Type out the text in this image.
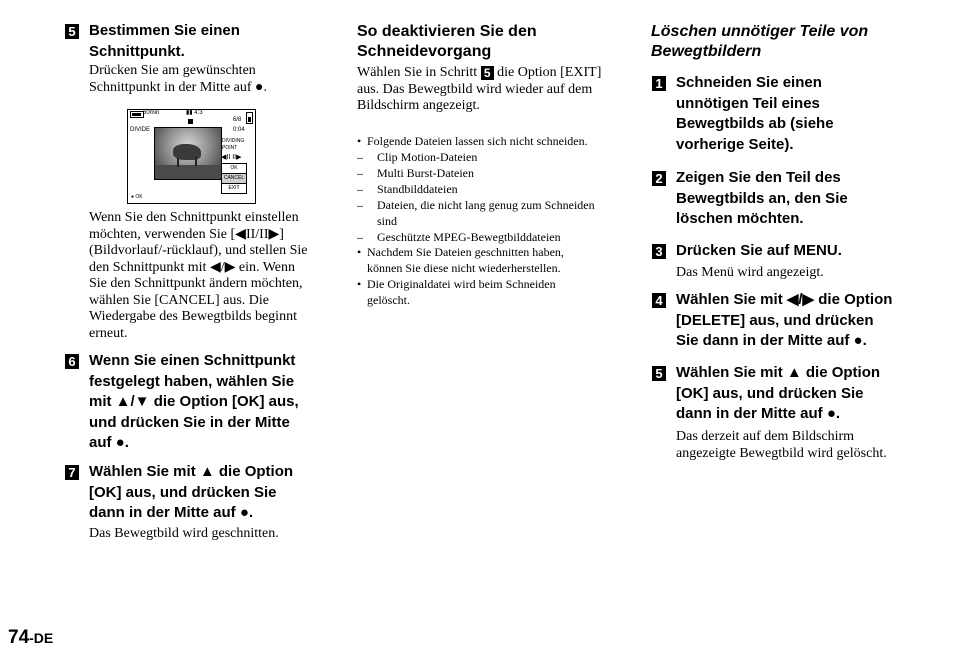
5 Bestimmen Sie einen
Schnittpunkt.
Drücken Sie am gewünschten
Schnittpunkt in der Mitte auf ●.
60min	▮▮ 4:3
6/8
DIVIDE	0:04
DIVIDING
POINT
◀II II▶
OK
CANCEL
EXIT
● OK
Wenn Sie den Schnittpunkt einstellen
möchten, verwenden Sie [◀II/II▶]
(Bildvorlauf/-rücklauf), und stellen Sie
den Schnittpunkt mit ◀/▶ ein. Wenn
Sie den Schnittpunkt ändern möchten,
wählen Sie [CANCEL] aus. Die
Wiedergabe des Bewegtbilds beginnt
erneut.
6 Wenn Sie einen Schnittpunkt
festgelegt haben, wählen Sie
mit ▲/▼ die Option [OK] aus,
und drücken Sie in der Mitte
auf ●.
7 Wählen Sie mit ▲ die Option
[OK] aus, und drücken Sie
dann in der Mitte auf ●.
Das Bewegtbild wird geschnitten.
So deaktivieren Sie den
Schneidevorgang
Wählen Sie in Schritt 5 die Option [EXIT]
aus. Das Bewegtbild wird wieder auf dem
Bildschirm angezeigt.
• Folgende Dateien lassen sich nicht schneiden.
– Clip Motion-Dateien
– Multi Burst-Dateien
– Standbilddateien
– Dateien, die nicht lang genug zum Schneiden
sind
– Geschützte MPEG-Bewegtbilddateien
• Nachdem Sie Dateien geschnitten haben,
können Sie diese nicht wiederherstellen.
• Die Originaldatei wird beim Schneiden
gelöscht.
Löschen unnötiger Teile von
Bewegtbildern
1 Schneiden Sie einen
unnötigen Teil eines
Bewegtbilds ab (siehe
vorherige Seite).
2 Zeigen Sie den Teil des
Bewegtbilds an, den Sie
löschen möchten.
3 Drücken Sie auf MENU.
Das Menü wird angezeigt.
4 Wählen Sie mit ◀/▶ die Option
[DELETE] aus, und drücken
Sie dann in der Mitte auf ●.
5 Wählen Sie mit ▲ die Option
[OK] aus, und drücken Sie
dann in der Mitte auf ●.
Das derzeit auf dem Bildschirm
angezeigte Bewegtbild wird gelöscht.
74-DE
